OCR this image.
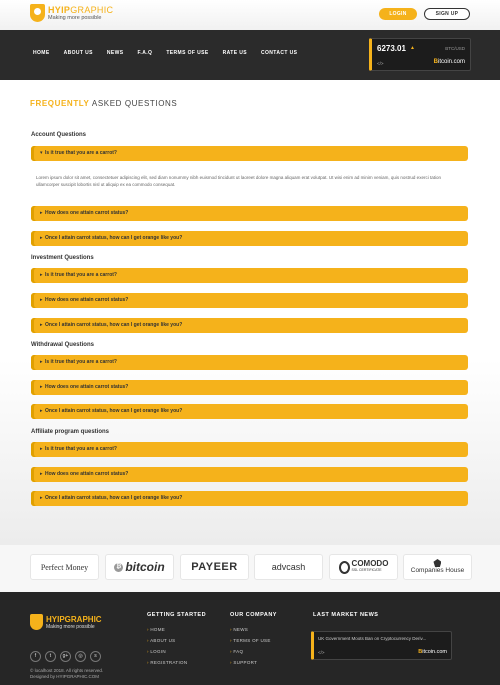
HYIPGRAPHIC
Making more possible
LOGIN	SIGN UP
HOME	ABOUT US	NEWS	F.A.Q	TERMS OF USE	RATE US	CONTACT US	6273.01 ▲	BTC/USD
</>	Bitcoin.com
FREQUENTLY ASKED QUESTIONS
Account Questions
▾ Is it true that you are a carrot?
Lorem ipsum dolor sit amet, consectetuer adipiscing elit, sed diam nonummy nibh euismod tincidunt ut laoreet dolore magna aliquam erat volutpat. Ut wisi enim ad minim veniam, quis nostrud exerci tation ullamcorper suscipit lobortis nisl ut aliquip ex ea commodo consequat.
▸ How does one attain carrot status?
▸ Once I attain carrot status, how can I get orange like you?
Investment Questions
▸ Is it true that you are a carrot?
▸ How does one attain carrot status?
▸ Once I attain carrot status, how can I get orange like you?
Withdrawal Questions
▸ Is it true that you are a carrot?
▸ How does one attain carrot status?
▸ Once I attain carrot status, how can I get orange like you?
Affiliate program questions
▸ Is it true that you are a carrot?
▸ How does one attain carrot status?
▸ Once I attain carrot status, how can I get orange like you?
Perfect Money	₿ bitcoin PAYEER	advcash	COMODO
SSL CERTIFICATE	Companies House
HYIPGRAPHIC
Making more possible
f	t	g+	◎	s
© localhost 2018. All rights reserved.
Designed by HYIPGRAPHIC.COM
GETTING STARTED
› HOME
› ABOUT US
› LOGIN
› REGISTRATION
OUR COMPANY
› NEWS
› TERMS OF USE
› FAQ
› SUPPORT
LAST MARKET NEWS
UK Government Moots Ban on Cryptocurrency Deriv...
</>	Bitcoin.com
